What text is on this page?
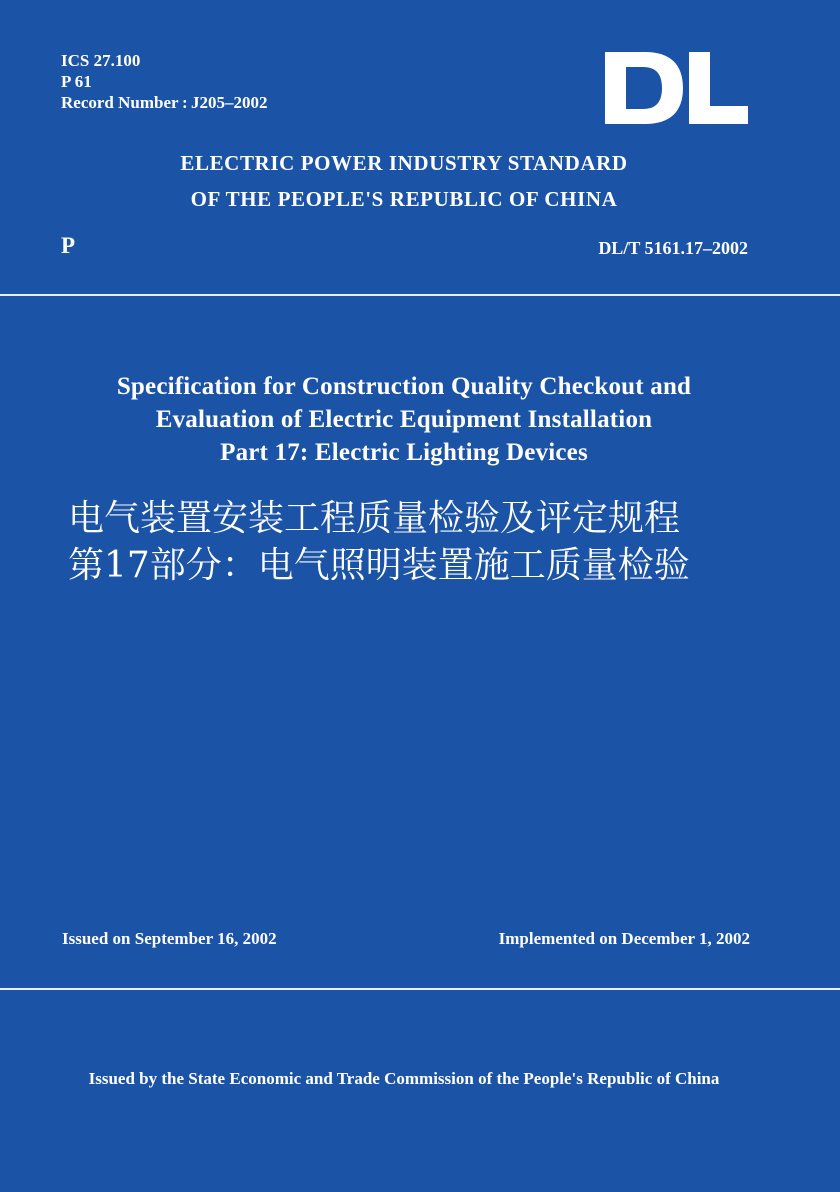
ICS 27.100
P 61
Record Number : J205–2002
ELECTRIC POWER INDUSTRY STANDARD
OF THE PEOPLE'S REPUBLIC OF CHINA
P	DL/T 5161.17–2002
Specification for Construction Quality Checkout and
Evaluation of Electric Equipment Installation
Part 17: Electric Lighting Devices
电气装置安装工程质量检验及评定规程
第17部分：电气照明装置施工质量检验
Issued on September 16, 2002	Implemented on December 1, 2002
Issued by the State Economic and Trade Commission of the People's Republic of China
